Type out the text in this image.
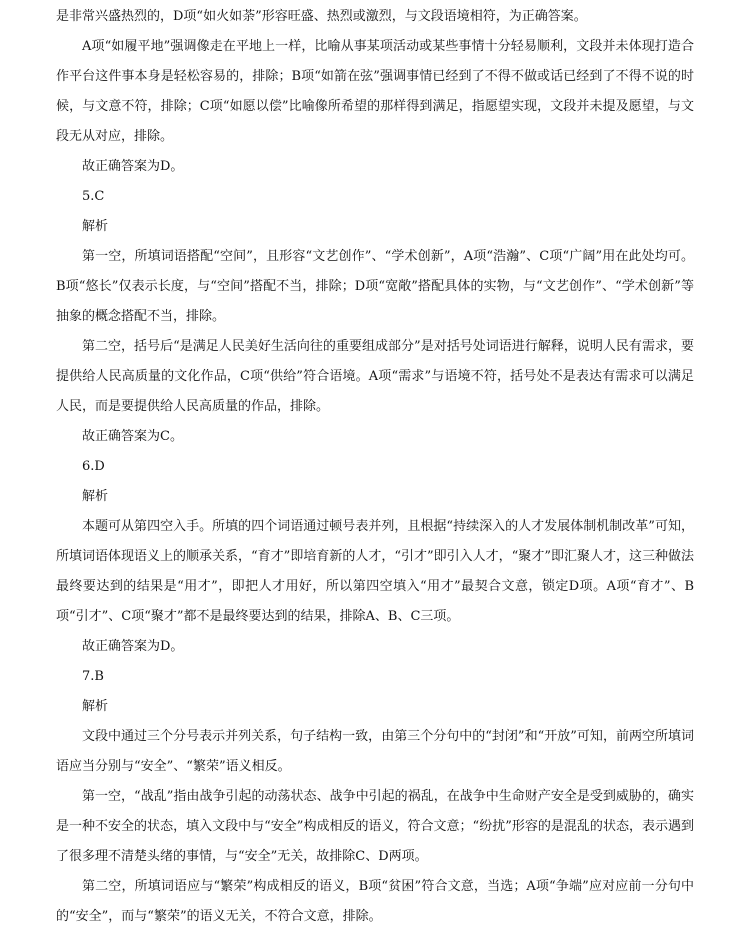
是非常兴盛热烈的，D项“如火如荼”形容旺盛、热烈或激烈，与文段语境相符，为正确答案。

A项“如履平地”强调像走在平地上一样，比喻从事某项活动或某些事情十分轻易顺利，文段并未体现打造合作平台这件事本身是轻松容易的，排除；B项“如箭在弦”强调事情已经到了不得不做或话已经到了不得不说的时候，与文意不符，排除；C项“如愿以偿”比喻像所希望的那样得到满足，指愿望实现，文段并未提及愿望，与文段无从对应，排除。

故正确答案为D。

5.C

解析

第一空，所填词语搭配“空间”，且形容“文艺创作”、“学术创新”，A项“浩瀚”、C项“广阔”用在此处均可。B项“悠长”仅表示长度，与“空间”搭配不当，排除；D项“宽敞”搭配具体的实物，与“文艺创作”、“学术创新”等抽象的概念搭配不当，排除。

第二空，括号后“是满足人民美好生活向往的重要组成部分”是对括号处词语进行解释，说明人民有需求，要提供给人民高质量的文化作品，C项“供给”符合语境。A项“需求”与语境不符，括号处不是表达有需求可以满足人民，而是要提供给人民高质量的作品，排除。

故正确答案为C。

6.D

解析

本题可从第四空入手。所填的四个词语通过顿号表并列，且根据“持续深入的人才发展体制机制改革”可知，所填词语体现语义上的顺承关系，“育才”即培育新的人才，“引才”即引入人才，“聚才”即汇聚人才，这三种做法最终要达到的结果是“用才”，即把人才用好，所以第四空填入“用才”最契合文意，锁定D项。A项“育才”、B项“引才”、C项“聚才”都不是最终要达到的结果，排除A、B、C三项。

故正确答案为D。

7.B

解析

文段中通过三个分号表示并列关系，句子结构一致，由第三个分句中的“封闭”和“开放”可知，前两空所填词语应当分别与“安全”、“繁荣”语义相反。

第一空，“战乱”指由战争引起的动荡状态、战争中引起的祸乱，在战争中生命财产安全是受到威胁的，确实是一种不安全的状态，填入文段中与“安全”构成相反的语义，符合文意；“纷扰”形容的是混乱的状态，表示遇到了很多理不清楚头绪的事情，与“安全”无关，故排除C、D两项。

第二空，所填词语应与“繁荣”构成相反的语义，B项“贫困”符合文意，当选；A项“争端”应对应前一分句中的“安全”，而与“繁荣”的语义无关，不符合文意，排除。
